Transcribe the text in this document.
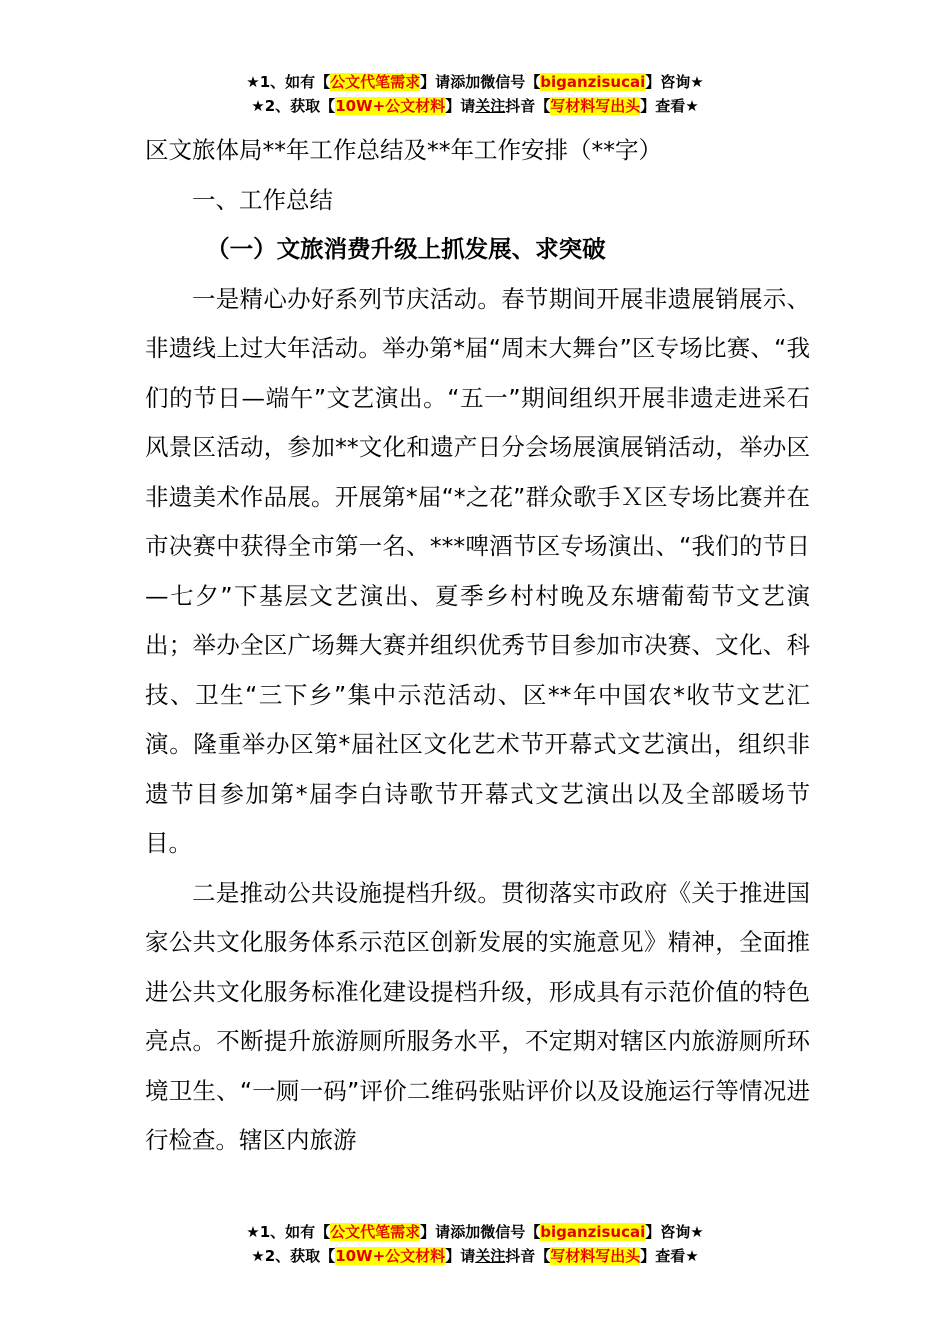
★1、如有【公文代笔需求】请添加微信号【biganzisucai】咨询★
★2、获取【10W+公文材料】请关注抖音【写材料写出头】查看★

区文旅体局**年工作总结及**年工作安排（**字）

一、工作总结

（一）文旅消费升级上抓发展、求突破

一是精心办好系列节庆活动。春节期间开展非遗展销展示、非遗线上过大年活动。举办第*届“周末大舞台”区专场比赛、“我们的节日—端午”文艺演出。“五一”期间组织开展非遗走进采石风景区活动，参加**文化和遗产日分会场展演展销活动，举办区非遗美术作品展。开展第*届“*之花”群众歌手Ｘ区专场比赛并在市决赛中获得全市第一名、***啤酒节区专场演出、“我们的节日—七夕”下基层文艺演出、夏季乡村村晚及东塘葡萄节文艺演出；举办全区广场舞大赛并组织优秀节目参加市决赛、文化、科技、卫生“三下乡”集中示范活动、区**年中国农*收节文艺汇演。隆重举办区第*届社区文化艺术节开幕式文艺演出，组织非遗节目参加第*届李白诗歌节开幕式文艺演出以及全部暖场节目。

二是推动公共设施提档升级。贯彻落实市政府《关于推进国家公共文化服务体系示范区创新发展的实施意见》精神，全面推进公共文化服务标准化建设提档升级，形成具有示范价值的特色亮点。不断提升旅游厕所服务水平，不定期对辖区内旅游厕所环境卫生、“一厕一码”评价二维码张贴评价以及设施运行等情况进行检查。辖区内旅游

★1、如有【公文代笔需求】请添加微信号【biganzisucai】咨询★
★2、获取【10W+公文材料】请关注抖音【写材料写出头】查看★
